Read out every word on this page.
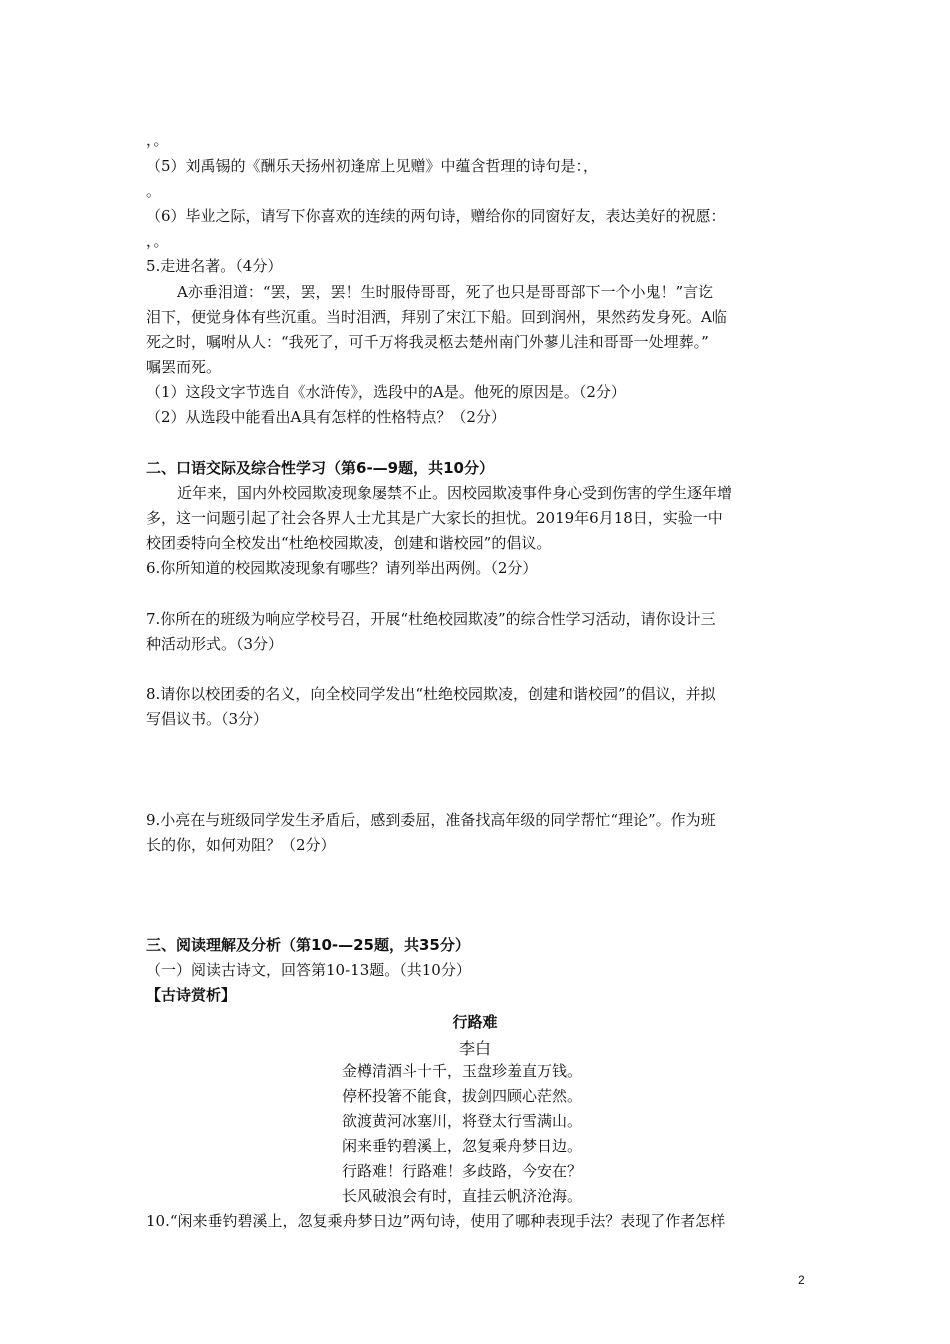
，。
（5）刘禹锡的《酬乐天扬州初逢席上见赠》中蕴含哲理的诗句是：，
。
（6）毕业之际，请写下你喜欢的连续的两句诗，赠给你的同窗好友，表达美好的祝愿：
，。
5.走进名著。（4分）
A亦垂泪道：“罢，罢，罢！生时服侍哥哥，死了也只是哥哥部下一个小鬼！”言讫
泪下，便觉身体有些沉重。当时泪洒，拜别了宋江下船。回到润州，果然药发身死。A临
死之时，嘱咐从人：“我死了，可千万将我灵柩去楚州南门外蓼儿洼和哥哥一处埋葬。”
嘱罢而死。
（1）这段文字节选自《水浒传》，选段中的A是。他死的原因是。（2分）
（2）从选段中能看出A具有怎样的性格特点？（2分）
二、口语交际及综合性学习（第6-—9题，共10分）
近年来，国内外校园欺凌现象屡禁不止。因校园欺凌事件身心受到伤害的学生逐年增
多，这一问题引起了社会各界人士尤其是广大家长的担忧。2019年6月18日，实验一中
校团委特向全校发出“杜绝校园欺凌，创建和谐校园”的倡议。
6.你所知道的校园欺凌现象有哪些？请列举出两例。（2分）
7.你所在的班级为响应学校号召，开展“杜绝校园欺凌”的综合性学习活动，请你设计三
种活动形式。（3分）
8.请你以校团委的名义，向全校同学发出“杜绝校园欺凌，创建和谐校园”的倡议，并拟
写倡议书。（3分）
9.小亮在与班级同学发生矛盾后，感到委屈，准备找高年级的同学帮忙“理论”。作为班
长的你，如何劝阻？（2分）
三、阅读理解及分析（第10-—25题，共35分）
（一）阅读古诗文，回答第10-13题。（共10分）
【古诗赏析】
行路难
李白
金樽清酒斗十千，玉盘珍羞直万钱。
停杯投箸不能食，拔剑四顾心茫然。
欲渡黄河冰塞川，将登太行雪满山。
闲来垂钓碧溪上，忽复乘舟梦日边。
行路难！行路难！多歧路，今安在？
长风破浪会有时，直挂云帆济沧海。
10.“闲来垂钓碧溪上，忽复乘舟梦日边”两句诗，使用了哪种表现手法？表现了作者怎样
2
